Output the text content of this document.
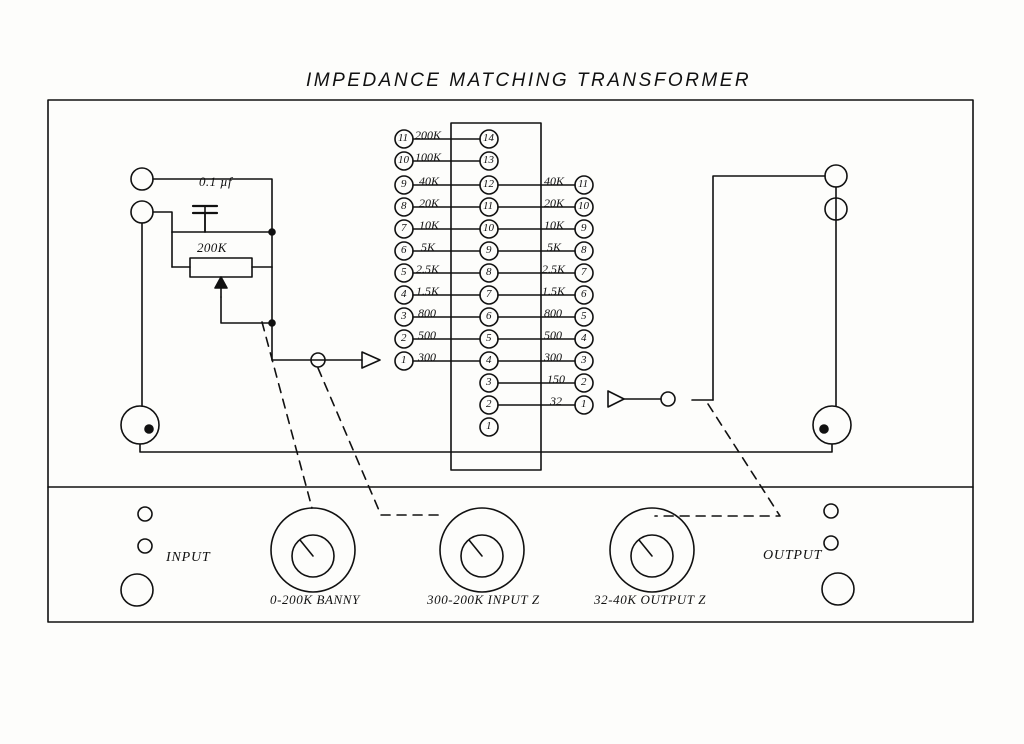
IMPEDANCE MATCHING TRANSFORMER
0.1 µf
200K
INPUT	OUTPUT
0-200K BANNY	300-200K INPUT Z	32-40K OUTPUT Z
11
10
9
8
7
6
5
4
3
2
1
200K
100K
40K
20K
10K
5K
2.5K
1.5K
800
500
300
14
13
12
11
10
9
8
7
6
5
4
3
2
1
40K
20K
10K
5K
2.5K
1.5K
800
500
300
150
32
11
10
9
8
7
6
5
4
3
2
1
